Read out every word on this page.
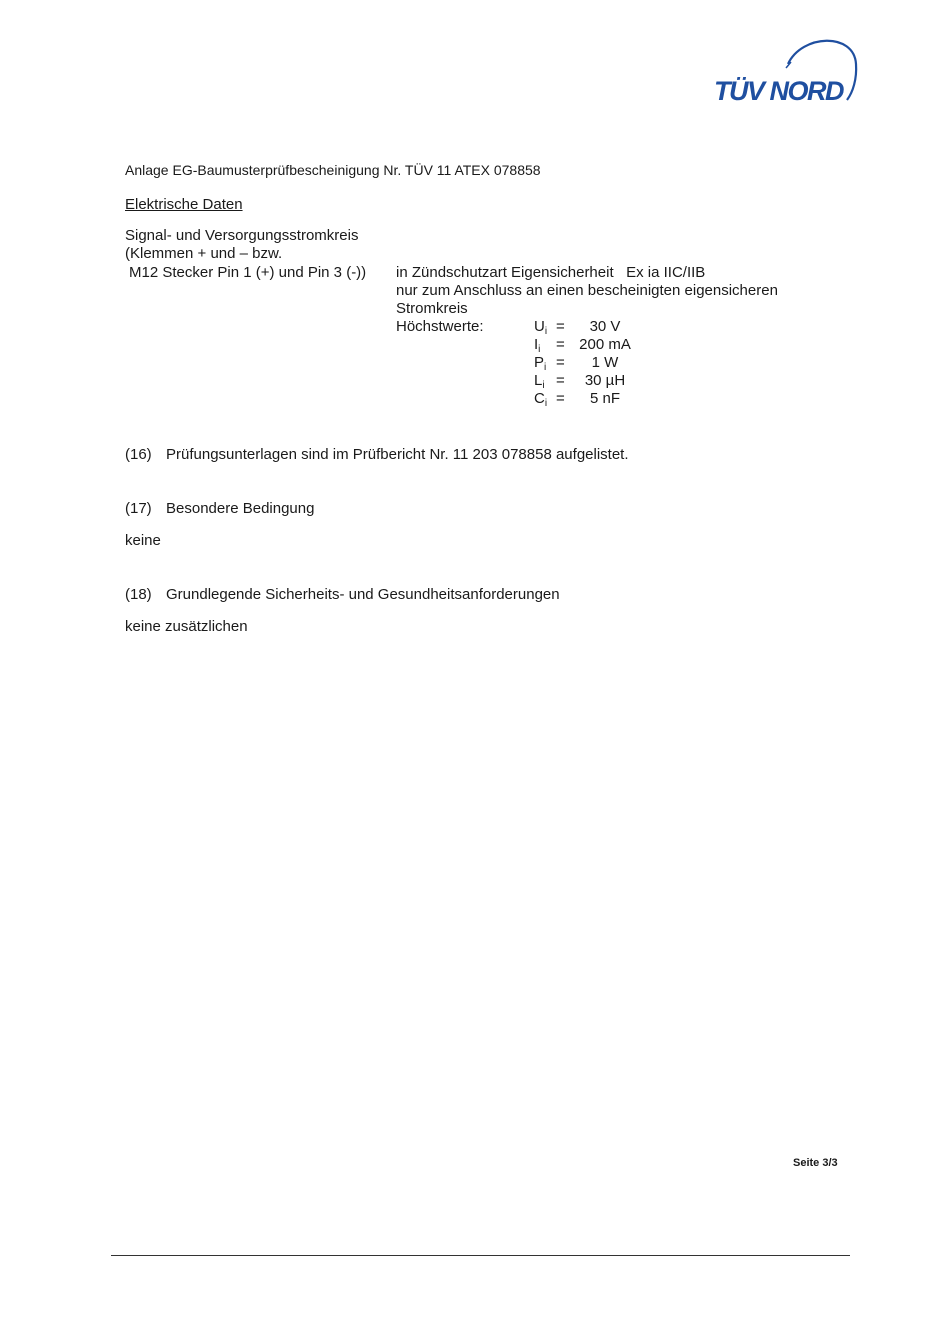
TÜV NORD
Anlage EG-Baumusterprüfbescheinigung Nr. TÜV 11 ATEX 078858
Elektrische Daten
Signal- und Versorgungsstromkreis
(Klemmen + und – bzw.
M12 Stecker Pin 1 (+) und Pin 3 (-)) in Zündschutzart Eigensicherheit   Ex ia IIC/IIB
nur zum Anschluss an einen bescheinigten eigensicheren
Stromkreis
Höchstwerte:	$U_i$ =	30 V
$I_i = 200$ mA
$P_i$ =	1 W
$L_i$ =	30 µH
$C_i$ =	5 nF
(16) Prüfungsunterlagen sind im Prüfbericht Nr. 11 203 078858 aufgelistet.
(17) Besondere Bedingung
keine
(18) Grundlegende Sicherheits- und Gesundheitsanforderungen
keine zusätzlichen
Seite 3/3
